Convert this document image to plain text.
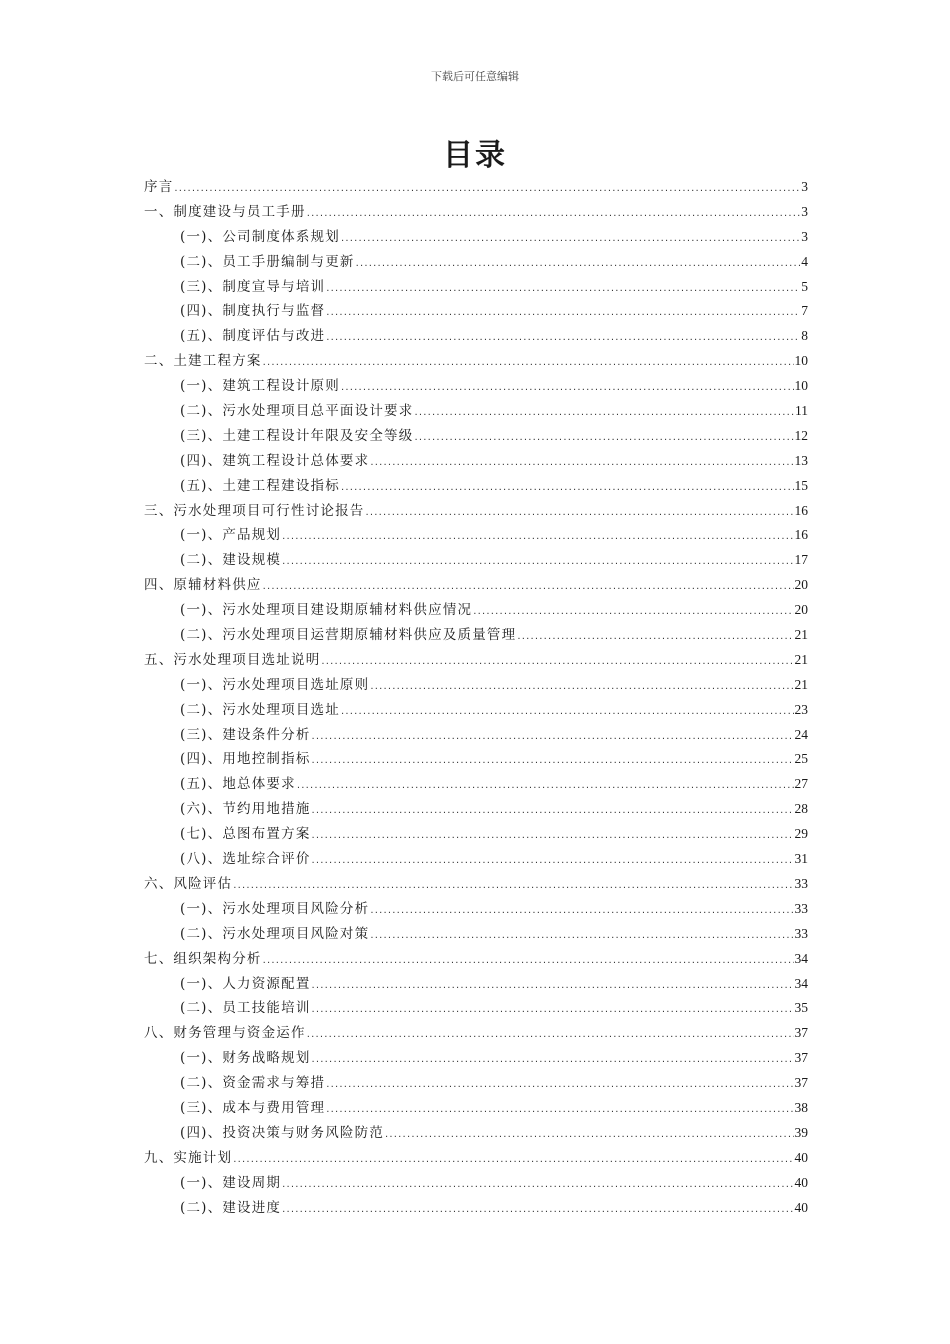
下载后可任意编辑
目录
序言 .....	3
一、制度建设与员工手册 .....	3
(一)、公司制度体系规划 .....	3
(二)、员工手册编制与更新 .....	4
(三)、制度宣导与培训 .....	5
(四)、制度执行与监督 .....	7
(五)、制度评估与改进 .....	8
二、土建工程方案 .....	10
(一)、建筑工程设计原则 .....	10
(二)、污水处理项目总平面设计要求 .....	11
(三)、土建工程设计年限及安全等级 .....	12
(四)、建筑工程设计总体要求 .....	13
(五)、土建工程建设指标 .....	15
三、污水处理项目可行性讨论报告 .....	16
(一)、产品规划 .....	16
(二)、建设规模 .....	17
四、原辅材料供应 .....	20
(一)、污水处理项目建设期原辅材料供应情况 .....	20
(二)、污水处理项目运营期原辅材料供应及质量管理 .....	21
五、污水处理项目选址说明 .....	21
(一)、污水处理项目选址原则 .....	21
(二)、污水处理项目选址 .....	23
(三)、建设条件分析 .....	24
(四)、用地控制指标 .....	25
(五)、地总体要求 .....	27
(六)、节约用地措施 .....	28
(七)、总图布置方案 .....	29
(八)、选址综合评价 .....	31
六、风险评估 .....	33
(一)、污水处理项目风险分析 .....	33
(二)、污水处理项目风险对策 .....	33
七、组织架构分析 .....	34
(一)、人力资源配置 .....	34
(二)、员工技能培训 .....	35
八、财务管理与资金运作 .....	37
(一)、财务战略规划 .....	37
(二)、资金需求与筹措 .....	37
(三)、成本与费用管理 .....	38
(四)、投资决策与财务风险防范 .....	39
九、实施计划 .....	40
(一)、建设周期 .....	40
(二)、建设进度 .....	40
